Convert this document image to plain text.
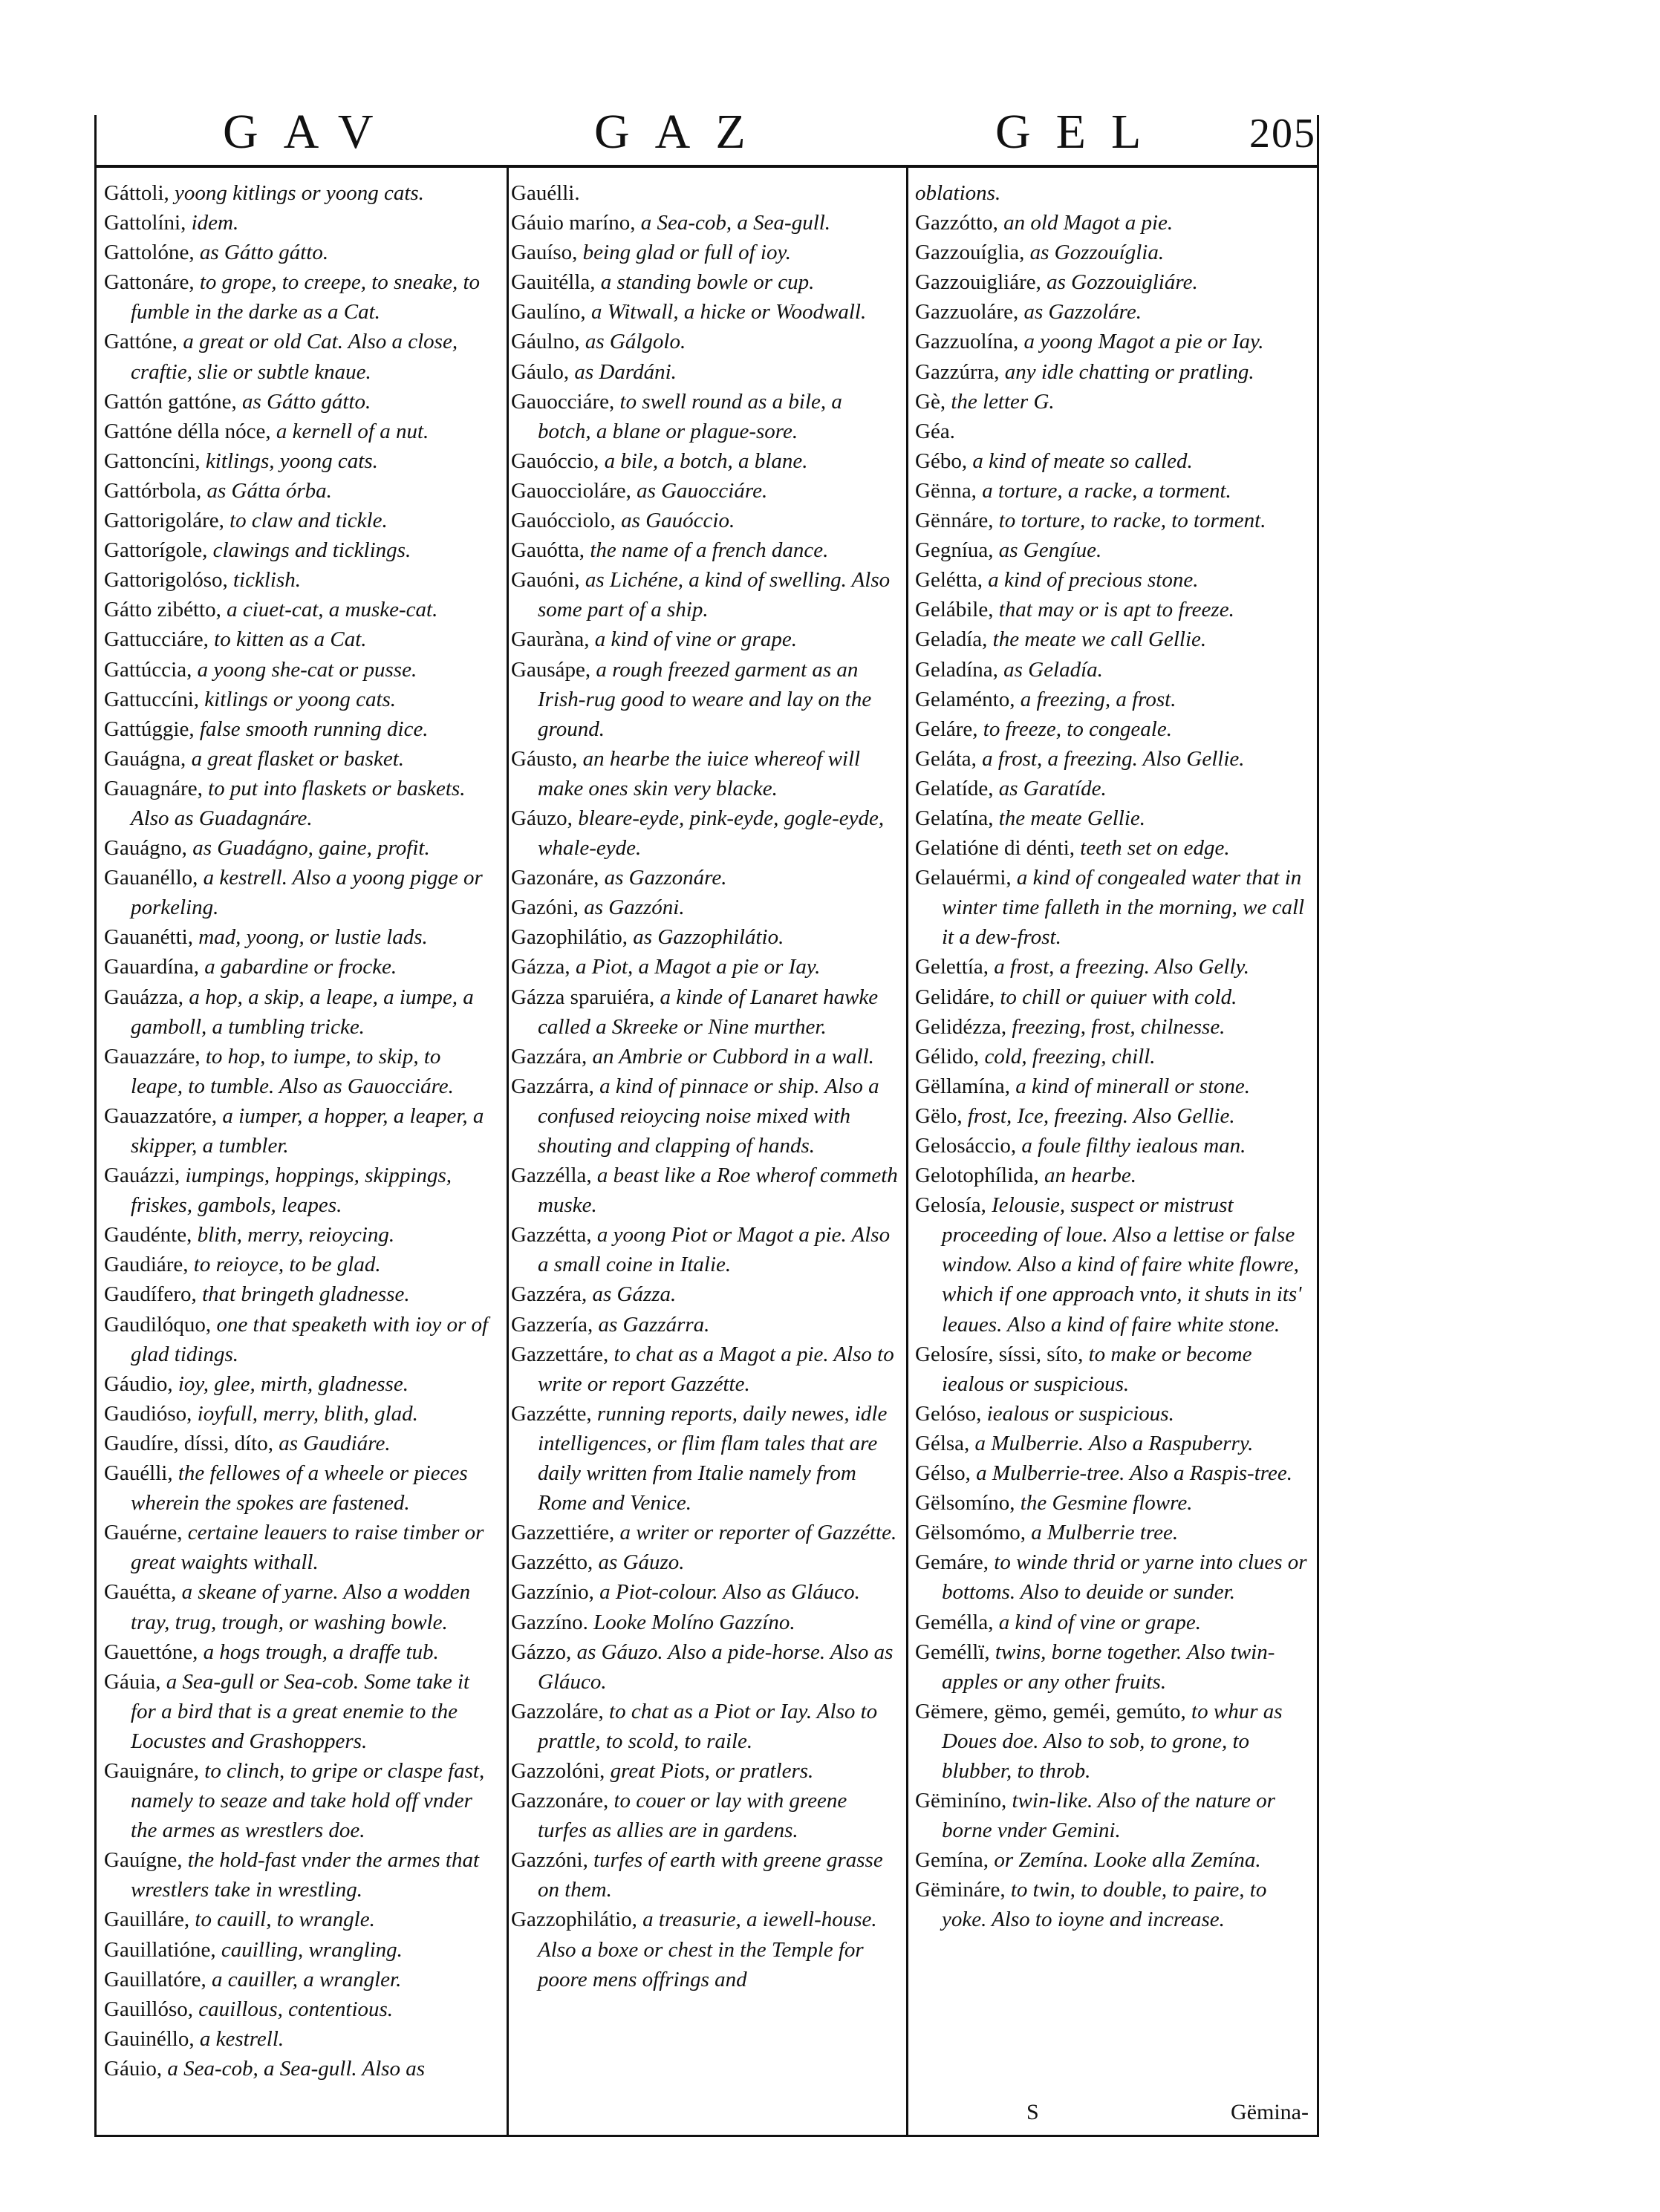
GAV	GAZ	GEL 205

Gáttoli, yoong kitlings or yoong cats.

Gattolíni, idem.

Gattolóne, as Gátto gátto.

Gattonáre, to grope, to creepe, to sneake, to fumble in the darke as a Cat.

Gattóne, a great or old Cat. Also a close, craftie, slie or subtle knaue.

Gattón gattóne, as Gátto gátto.

Gattóne délla nóce, a kernell of a nut.

Gattoncíni, kitlings, yoong cats.

Gattórbola, as Gátta órba.

Gattorigoláre, to claw and tickle.

Gattorígole, clawings and ticklings.

Gattorigolóso, ticklish.

Gátto zibétto, a ciuet-cat, a muske-cat.

Gattucciáre, to kitten as a Cat.

Gattúccia, a yoong she-cat or pusse.

Gattuccíni, kitlings or yoong cats.

Gattúggie, false smooth running dice.

Gauágna, a great flasket or basket.

Gauagnáre, to put into flaskets or baskets. Also as Guadagnáre.

Gauágno, as Guadágno, gaine, profit.

Gauanéllo, a kestrell. Also a yoong pigge or porkeling.

Gauanétti, mad, yoong, or lustie lads.

Gauardína, a gabardine or frocke.

Gauázza, a hop, a skip, a leape, a iumpe, a gamboll, a tumbling tricke.

Gauazzáre, to hop, to iumpe, to skip, to leape, to tumble. Also as Gauocciáre.

Gauazzatóre, a iumper, a hopper, a leaper, a skipper, a tumbler.

Gauázzi, iumpings, hoppings, skippings, friskes, gambols, leapes.

Gaudénte, blith, merry, reioycing.

Gaudiáre, to reioyce, to be glad.

Gaudífero, that bringeth gladnesse.

Gaudilóquo, one that speaketh with ioy or of glad tidings.

Gáudio, ioy, glee, mirth, gladnesse.

Gaudióso, ioyfull, merry, blith, glad.

Gaudíre, díssi, díto, as Gaudiáre.

Gauélli, the fellowes of a wheele or pieces wherein the spokes are fastened.

Gauérne, certaine leauers to raise timber or great waights withall.

Gauétta, a skeane of yarne. Also a wodden tray, trug, trough, or washing bowle.

Gauettóne, a hogs trough, a draffe tub.

Gáuia, a Sea-gull or Sea-cob. Some take it for a bird that is a great enemie to the Locustes and Grashoppers.

Gauignáre, to clinch, to gripe or claspe fast, namely to seaze and take hold off vnder the armes as wrestlers doe.

Gauígne, the hold-fast vnder the armes that wrestlers take in wrestling.

Gauilláre, to cauill, to wrangle.

Gauillatióne, cauilling, wrangling.

Gauillatóre, a cauiller, a wrangler.

Gauillóso, cauillous, contentious.

Gauinéllo, a kestrell.

Gáuio, a Sea-cob, a Sea-gull. Also as

Gauélli.

Gáuio maríno, a Sea-cob, a Sea-gull.

Gauíso, being glad or full of ioy.

Gauitélla, a standing bowle or cup.

Gaulíno, a Witwall, a hicke or Woodwall.

Gáulno, as Gálgolo.

Gáulo, as Dardáni.

Gauocciáre, to swell round as a bile, a botch, a blane or plague-sore.

Gauóccio, a bile, a botch, a blane.

Gauoccioláre, as Gauocciáre.

Gauócciolo, as Gauóccio.

Gauótta, the name of a french dance.

Gauóni, as Lichéne, a kind of swelling. Also some part of a ship.

Gauràna, a kind of vine or grape.

Gausápe, a rough freezed garment as an Irish-rug good to weare and lay on the ground.

Gáusto, an hearbe the iuice whereof will make ones skin very blacke.

Gáuzo, bleare-eyde, pink-eyde, gogle-eyde, whale-eyde.

Gazonáre, as Gazzonáre.

Gazóni, as Gazzóni.

Gazophilátio, as Gazzophilátio.

Gázza, a Piot, a Magot a pie or Iay.

Gázza sparuiéra, a kinde of Lanaret hawke called a Skreeke or Nine murther.

Gazzára, an Ambrie or Cubbord in a wall.

Gazzárra, a kind of pinnace or ship. Also a confused reioycing noise mixed with shouting and clapping of hands.

Gazzélla, a beast like a Roe wherof commeth muske.

Gazzétta, a yoong Piot or Magot a pie. Also a small coine in Italie.

Gazzéra, as Gázza.

Gazzería, as Gazzárra.

Gazzettáre, to chat as a Magot a pie. Also to write or report Gazzétte.

Gazzétte, running reports, daily newes, idle intelligences, or flim flam tales that are daily written from Italie namely from Rome and Venice.

Gazzettiére, a writer or reporter of Gazzétte.

Gazzétto, as Gáuzo.

Gazzínio, a Piot-colour. Also as Gláuco.

Gazzíno. Looke Molíno Gazzíno.

Gázzo, as Gáuzo. Also a pide-horse. Also as Gláuco.

Gazzoláre, to chat as a Piot or Iay. Also to prattle, to scold, to raile.

Gazzolóni, great Piots, or pratlers.

Gazzonáre, to couer or lay with greene turfes as allies are in gardens.

Gazzóni, turfes of earth with greene grasse on them.

Gazzophilátio, a treasurie, a iewell-house. Also a boxe or chest in the Temple for poore mens offrings and

oblations.

Gazzótto, an old Magot a pie.

Gazzouíglia, as Gozzouíglia.

Gazzouigliáre, as Gozzouigliáre.

Gazzuoláre, as Gazzoláre.

Gazzuolína, a yoong Magot a pie or Iay.

Gazzúrra, any idle chatting or pratling.

Gè, the letter G.

Géa.

Gébo, a kind of meate so called.

Gënna, a torture, a racke, a torment.

Gënnáre, to torture, to racke, to torment.

Gegníua, as Gengíue.

Gelétta, a kind of precious stone.

Gelábile, that may or is apt to freeze.

Geladía, the meate we call Gellie.

Geladína, as Geladía.

Gelaménto, a freezing, a frost.

Geláre, to freeze, to congeale.

Geláta, a frost, a freezing. Also Gellie.

Gelatíde, as Garatíde.

Gelatína, the meate Gellie.

Gelatióne di dénti, teeth set on edge.

Gelauérmi, a kind of congealed water that in winter time falleth in the morning, we call it a dew-frost.

Gelettía, a frost, a freezing. Also Gelly.

Gelidáre, to chill or quiuer with cold.

Gelidézza, freezing, frost, chilnesse.

Gélido, cold, freezing, chill.

Gëllamína, a kind of minerall or stone.

Gëlo, frost, Ice, freezing. Also Gellie.

Gelosáccio, a foule filthy iealous man.

Gelotophílida, an hearbe.

Gelosía, Ielousie, suspect or mistrust proceeding of loue. Also a lettise or false window. Also a kind of faire white flowre, which if one approach vnto, it shuts in its' leaues. Also a kind of faire white stone.

Gelosíre, síssi, síto, to make or become iealous or suspicious.

Gelóso, iealous or suspicious.

Gélsa, a Mulberrie. Also a Raspuberry.

Gélso, a Mulberrie-tree. Also a Raspis-tree.

Gëlsomíno, the Gesmine flowre.

Gëlsomómo, a Mulberrie tree.

Gemáre, to winde thrid or yarne into clues or bottoms. Also to deuide or sunder.

Gemélla, a kind of vine or grape.

Geméllï, twins, borne together. Also twin-apples or any other fruits.

Gëmere, gëmo, geméi, gemúto, to whur as Doues doe. Also to sob, to grone, to blubber, to throb.

Gëminíno, twin-like. Also of the nature or borne vnder Gemini.

Gemína, or Zemína. Looke alla Zemína.

Gëmináre, to twin, to double, to paire, to yoke. Also to ioyne and increase.

S	Gëmina-
